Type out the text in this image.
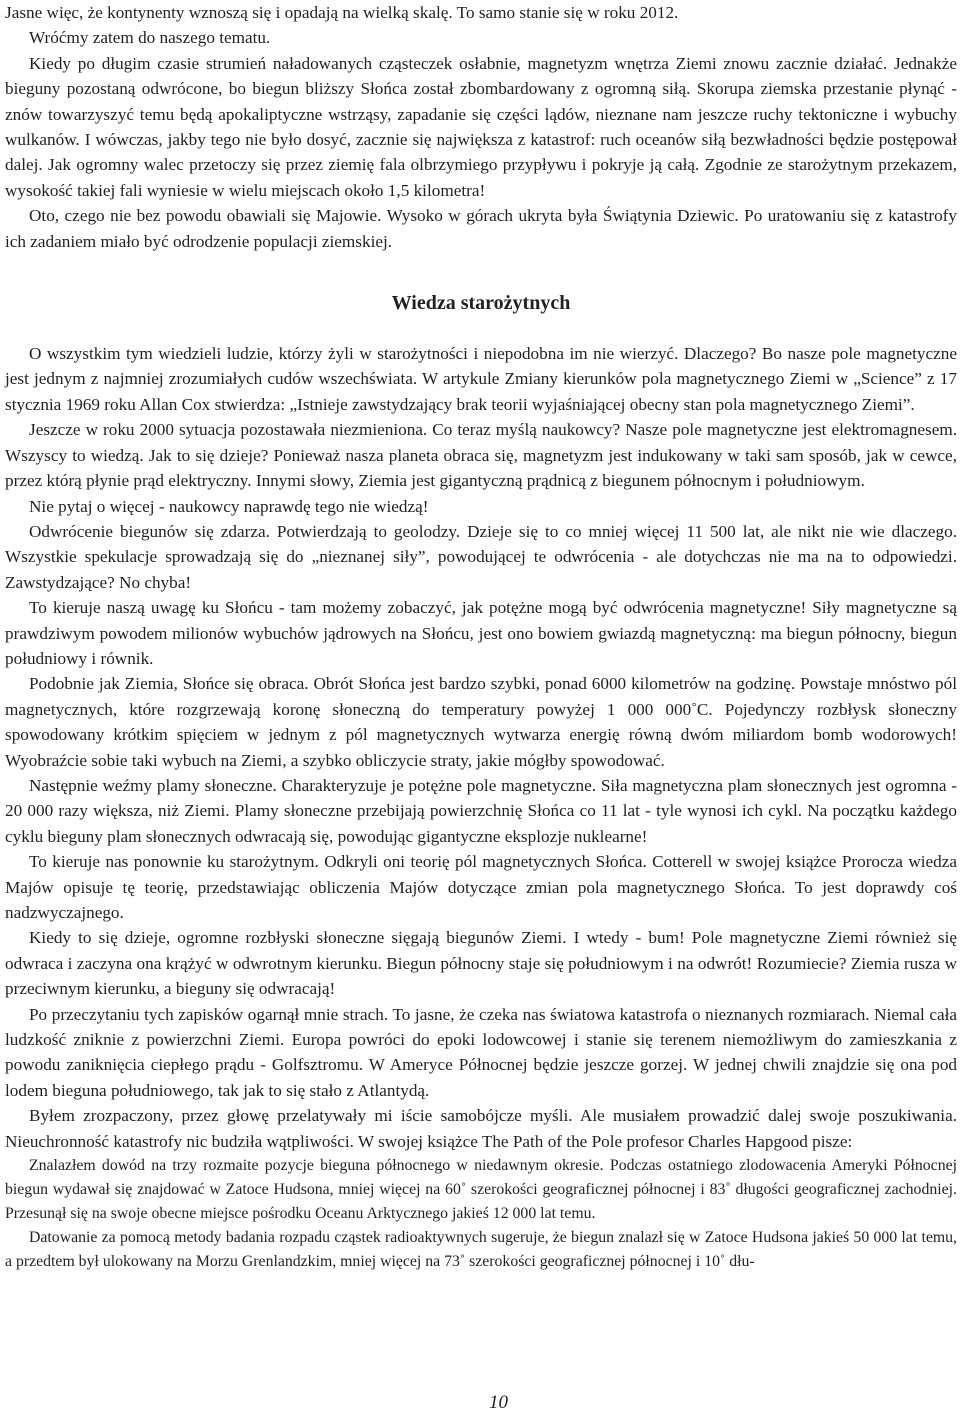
Jasne więc, że kontynenty wznoszą się i opadają na wielką skalę. To samo stanie się w roku 2012.

Wróćmy zatem do naszego tematu.

Kiedy po długim czasie strumień naładowanych cząsteczek osłabnie, magnetyzm wnętrza Ziemi znowu zacznie działać. Jednakże bieguny pozostaną odwrócone, bo biegun bliższy Słońca został zbombardowany z ogromną siłą. Skorupa ziemska przestanie płynąć - znów towarzyszyć temu będą apokaliptyczne wstrząsy, zapadanie się części lądów, nieznane nam jeszcze ruchy tektoniczne i wybuchy wulkanów. I wówczas, jakby tego nie było dosyć, zacznie się największa z katastrof: ruch oceanów siłą bezwładności będzie postępował dalej. Jak ogromny walec przetoczy się przez ziemię fala olbrzymiego przypływu i pokryje ją całą. Zgodnie ze starożytnym przekazem, wysokość takiej fali wyniesie w wielu miejscach około 1,5 kilometra!

Oto, czego nie bez powodu obawiali się Majowie. Wysoko w górach ukryta była Świątynia Dziewic. Po uratowaniu się z katastrofy ich zadaniem miało być odrodzenie populacji ziemskiej.

Wiedza starożytnych

O wszystkim tym wiedzieli ludzie, którzy żyli w starożytności i niepodobna im nie wierzyć. Dlaczego? Bo nasze pole magnetyczne jest jednym z najmniej zrozumiałych cudów wszechświata. W artykule Zmiany kierunków pola magnetycznego Ziemi w „Science” z 17 stycznia 1969 roku Allan Cox stwierdza: „Istnieje zawstydzający brak teorii wyjaśniającej obecny stan pola magnetycznego Ziemi”.

Jeszcze w roku 2000 sytuacja pozostawała niezmieniona. Co teraz myślą naukowcy? Nasze pole magnetyczne jest elektromagnesem. Wszyscy to wiedzą. Jak to się dzieje? Ponieważ nasza planeta obraca się, magnetyzm jest indukowany w taki sam sposób, jak w cewce, przez którą płynie prąd elektryczny. Innymi słowy, Ziemia jest gigantyczną prądnicą z biegunem północnym i południowym.

Nie pytaj o więcej - naukowcy naprawdę tego nie wiedzą!

Odwrócenie biegunów się zdarza. Potwierdzają to geolodzy. Dzieje się to co mniej więcej 11 500 lat, ale nikt nie wie dlaczego. Wszystkie spekulacje sprowadzają się do „nieznanej siły”, powodującej te odwrócenia - ale dotychczas nie ma na to odpowiedzi. Zawstydzające? No chyba!

To kieruje naszą uwagę ku Słońcu - tam możemy zobaczyć, jak potężne mogą być odwrócenia magnetyczne! Siły magnetyczne są prawdziwym powodem milionów wybuchów jądrowych na Słońcu, jest ono bowiem gwiazdą magnetyczną: ma biegun północny, biegun południowy i równik.

Podobnie jak Ziemia, Słońce się obraca. Obrót Słońca jest bardzo szybki, ponad 6000 kilometrów na godzinę. Powstaje mnóstwo pól magnetycznych, które rozgrzewają koronę słoneczną do temperatury powyżej 1 000 000˚C. Pojedynczy rozbłysk słoneczny spowodowany krótkim spięciem w jednym z pól magnetycznych wytwarza energię równą dwóm miliardom bomb wodorowych! Wyobraźcie sobie taki wybuch na Ziemi, a szybko obliczycie straty, jakie mógłby spowodować.

Następnie weźmy plamy słoneczne. Charakteryzuje je potężne pole magnetyczne. Siła magnetyczna plam słonecznych jest ogromna - 20 000 razy większa, niż Ziemi. Plamy słoneczne przebijają powierzchnię Słońca co 11 lat - tyle wynosi ich cykl. Na początku każdego cyklu bieguny plam słonecznych odwracają się, powodując gigantyczne eksplozje nuklearne!

To kieruje nas ponownie ku starożytnym. Odkryli oni teorię pól magnetycznych Słońca. Cotterell w swojej książce Prorocza wiedza Majów opisuje tę teorię, przedstawiając obliczenia Majów dotyczące zmian pola magnetycznego Słońca. To jest doprawdy coś nadzwyczajnego.

Kiedy to się dzieje, ogromne rozbłyski słoneczne sięgają biegunów Ziemi. I wtedy - bum! Pole magnetyczne Ziemi również się odwraca i zaczyna ona krążyć w odwrotnym kierunku. Biegun północny staje się południowym i na odwrót! Rozumiecie? Ziemia rusza w przeciwnym kierunku, a bieguny się odwracają!

Po przeczytaniu tych zapisków ogarnął mnie strach. To jasne, że czeka nas światowa katastrofa o nieznanych rozmiarach. Niemal cała ludzkość zniknie z powierzchni Ziemi. Europa powróci do epoki lodowcowej i stanie się terenem niemożliwym do zamieszkania z powodu zaniknięcia ciepłego prądu - Golfsztromu. W Ameryce Północnej będzie jeszcze gorzej. W jednej chwili znajdzie się ona pod lodem bieguna południowego, tak jak to się stało z Atlantydą.

Byłem zrozpaczony, przez głowę przelatywały mi iście samobójcze myśli. Ale musiałem prowadzić dalej swoje poszukiwania. Nieuchronność katastrofy nic budziła wątpliwości. W swojej książce The Path of the Pole profesor Charles Hapgood pisze:

Znalazłem dowód na trzy rozmaite pozycje bieguna północnego w niedawnym okresie. Podczas ostatniego zlodowacenia Ameryki Północnej biegun wydawał się znajdować w Zatoce Hudsona, mniej więcej na 60˚ szerokości geograficznej północnej i 83˚ długości geograficznej zachodniej. Przesunął się na swoje obecne miejsce pośrodku Oceanu Arktycznego jakieś 12 000 lat temu.

Datowanie za pomocą metody badania rozpadu cząstek radioaktywnych sugeruje, że biegun znalazł się w Zatoce Hudsona jakieś 50 000 lat temu, a przedtem był ulokowany na Morzu Grenlandzkim, mniej więcej na 73˚ szerokości geograficznej północnej i 10˚ dłu-

10
